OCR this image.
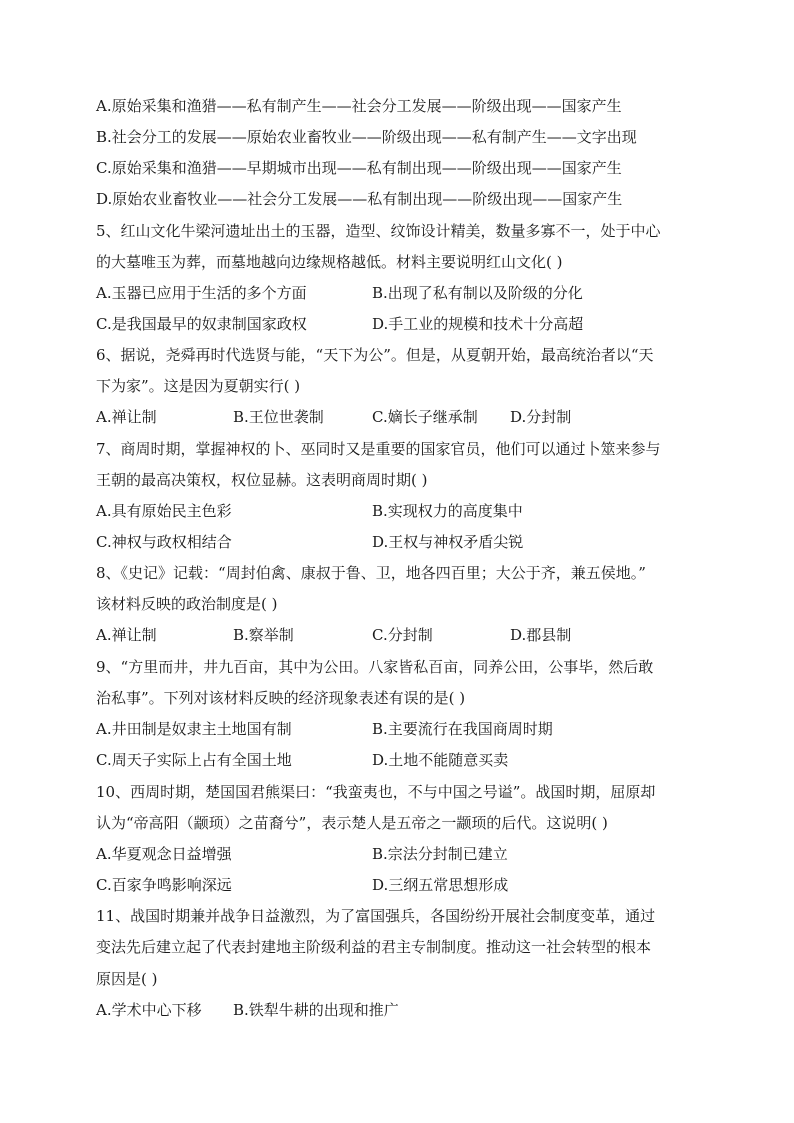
A.原始采集和渔猎——私有制产生——社会分工发展——阶级出现——国家产生
B.社会分工的发展——原始农业畜牧业——阶级出现——私有制产生——文字出现
C.原始采集和渔猎——早期城市出现——私有制出现——阶级出现——国家产生
D.原始农业畜牧业——社会分工发展——私有制出现——阶级出现——国家产生
5、红山文化牛梁河遗址出土的玉器，造型、纹饰设计精美，数量多寡不一，处于中心
的大墓唯玉为葬，而墓地越向边缘规格越低。材料主要说明红山文化( )
A.玉器已应用于生活的多个方面	B.出现了私有制以及阶级的分化
C.是我国最早的奴隶制国家政权	D.手工业的规模和技术十分高超
6、据说，尧舜再时代选贤与能，“天下为公”。但是，从夏朝开始，最高统治者以“天
下为家”。这是因为夏朝实行( )
A.禅让制	B.王位世袭制	C.嫡长子继承制 D.分封制
7、商周时期，掌握神权的卜、巫同时又是重要的国家官员，他们可以通过卜筮来参与
王朝的最高决策权，权位显赫。这表明商周时期( )
A.具有原始民主色彩	B.实现权力的高度集中
C.神权与政权相结合	D.王权与神权矛盾尖锐
8、《史记》记载：“周封伯禽、康叔于鲁、卫，地各四百里；大公于齐，兼五侯地。”
该材料反映的政治制度是( )
A.禅让制	B.察举制	C.分封制	D.郡县制
9、“方里而井，井九百亩，其中为公田。八家皆私百亩，同养公田，公事毕，然后敢
治私事”。下列对该材料反映的经济现象表述有误的是( )
A.井田制是奴隶主土地国有制	B.主要流行在我国商周时期
C.周天子实际上占有全国土地	D.土地不能随意买卖
10、西周时期，楚国国君熊渠曰：“我蛮夷也，不与中国之号谥”。战国时期，屈原却
认为“帝高阳（颛顼）之苗裔兮”，表示楚人是五帝之一颛顼的后代。这说明( )
A.华夏观念日益增强	B.宗法分封制已建立
C.百家争鸣影响深远	D.三纲五常思想形成
11、战国时期兼并战争日益激烈，为了富国强兵，各国纷纷开展社会制度变革，通过
变法先后建立起了代表封建地主阶级利益的君主专制制度。推动这一社会转型的根本
原因是( )
A.学术中心下移 B.铁犁牛耕的出现和推广
